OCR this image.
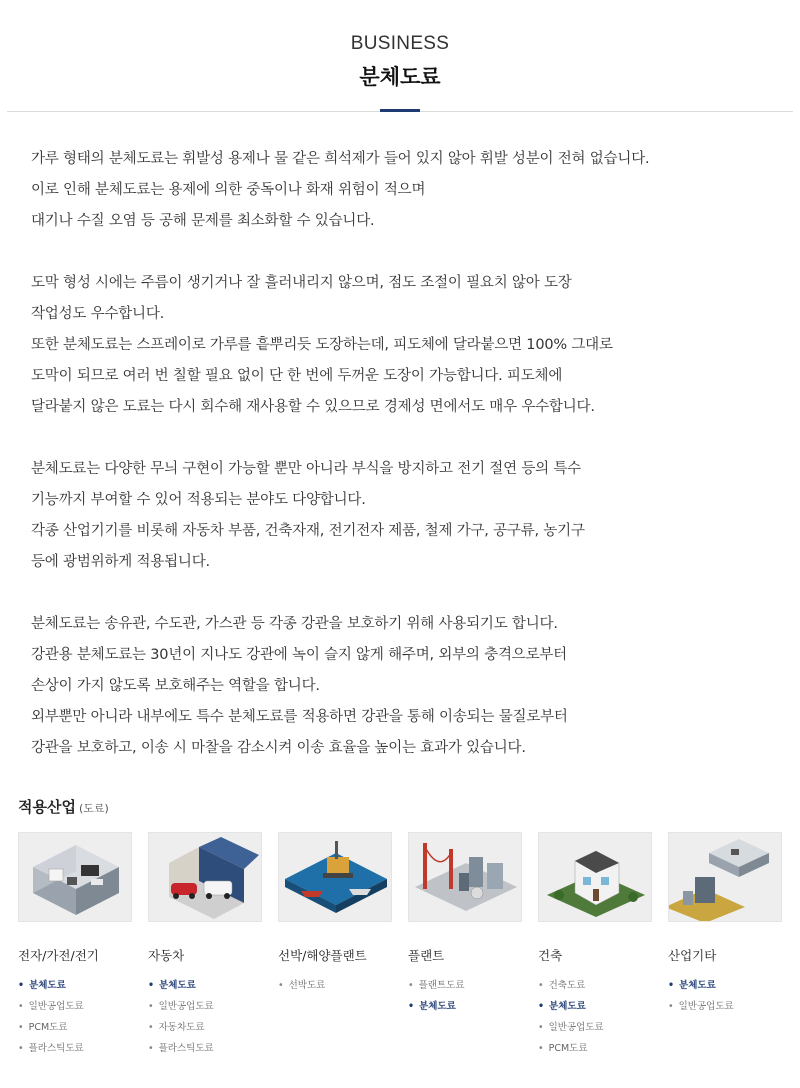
BUSINESS
분체도료
가루 형태의 분체도료는 휘발성 용제나 물 같은 희석제가 들어 있지 않아 휘발 성분이 전혀 없습니다.
이로 인해 분체도료는 용제에 의한 중독이나 화재 위험이 적으며
대기나 수질 오염 등 공해 문제를 최소화할 수 있습니다.
도막 형성 시에는 주름이 생기거나 잘 흘러내리지 않으며, 점도 조절이 필요치 않아 도장
작업성도 우수합니다.
또한 분체도료는 스프레이로 가루를 흩뿌리듯 도장하는데, 피도체에 달라붙으면 100% 그대로
도막이 되므로 여러 번 칠할 필요 없이 단 한 번에 두꺼운 도장이 가능합니다. 피도체에
달라붙지 않은 도료는 다시 회수해 재사용할 수 있으므로 경제성 면에서도 매우 우수합니다.
분체도료는 다양한 무늬 구현이 가능할 뿐만 아니라 부식을 방지하고 전기 절연 등의 특수
기능까지 부여할 수 있어 적용되는 분야도 다양합니다.
각종 산업기기를 비롯해 자동차 부품, 건축자재, 전기전자 제품, 철제 가구, 공구류, 농기구
등에 광범위하게 적용됩니다.
분체도료는 송유관, 수도관, 가스관 등 각종 강관을 보호하기 위해 사용되기도 합니다.
강관용 분체도료는 30년이 지나도 강관에 녹이 슬지 않게 해주며, 외부의 충격으로부터
손상이 가지 않도록 보호해주는 역할을 합니다.
외부뿐만 아니라 내부에도 특수 분체도료를 적용하면 강관을 통해 이송되는 물질로부터
강관을 보호하고, 이송 시 마찰을 감소시켜 이송 효율을 높이는 효과가 있습니다.
적용산업 (도료)
전자/가전/전기
• 분체도료
• 일반공업도료
• PCM도료
• 플라스틱도료
자동차
• 분체도료
• 일반공업도료
• 자동차도료
• 플라스틱도료
선박/해양플랜트
• 선박도료
플랜트
• 플랜트도료
• 분체도료
건축
• 건축도료
• 분체도료
• 일반공업도료
• PCM도료
산업기타
• 분체도료
• 일반공업도료
